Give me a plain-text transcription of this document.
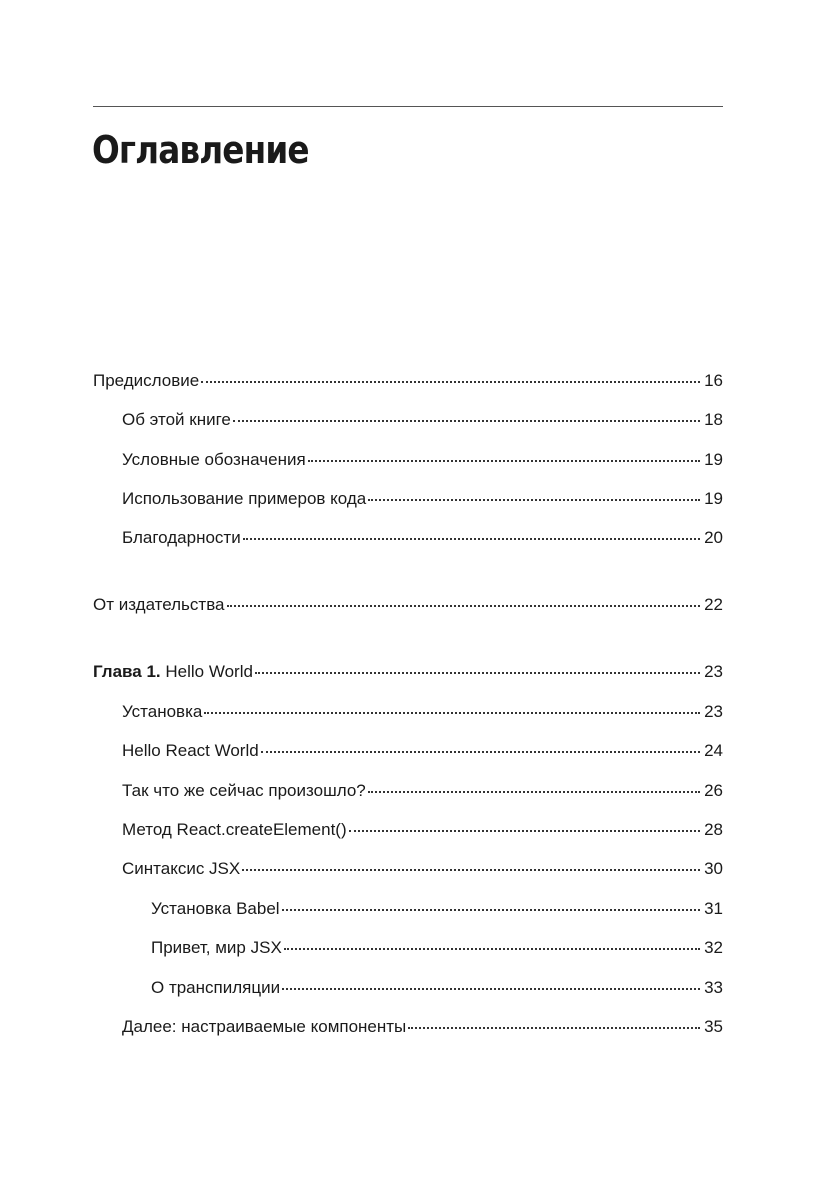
Оглавление
Предисловие	16
Об этой книге	18
Условные обозначения	19
Использование примеров кода	19
Благодарности	20
От издательства	22
Глава 1. Hello World	23
Установка	23
Hello React World	24
Так что же сейчас произошло?	26
Метод React.createElement()	28
Синтаксис JSX	30
Установка Babel	31
Привет, мир JSX	32
О транспиляции	33
Далее: настраиваемые компоненты	35
